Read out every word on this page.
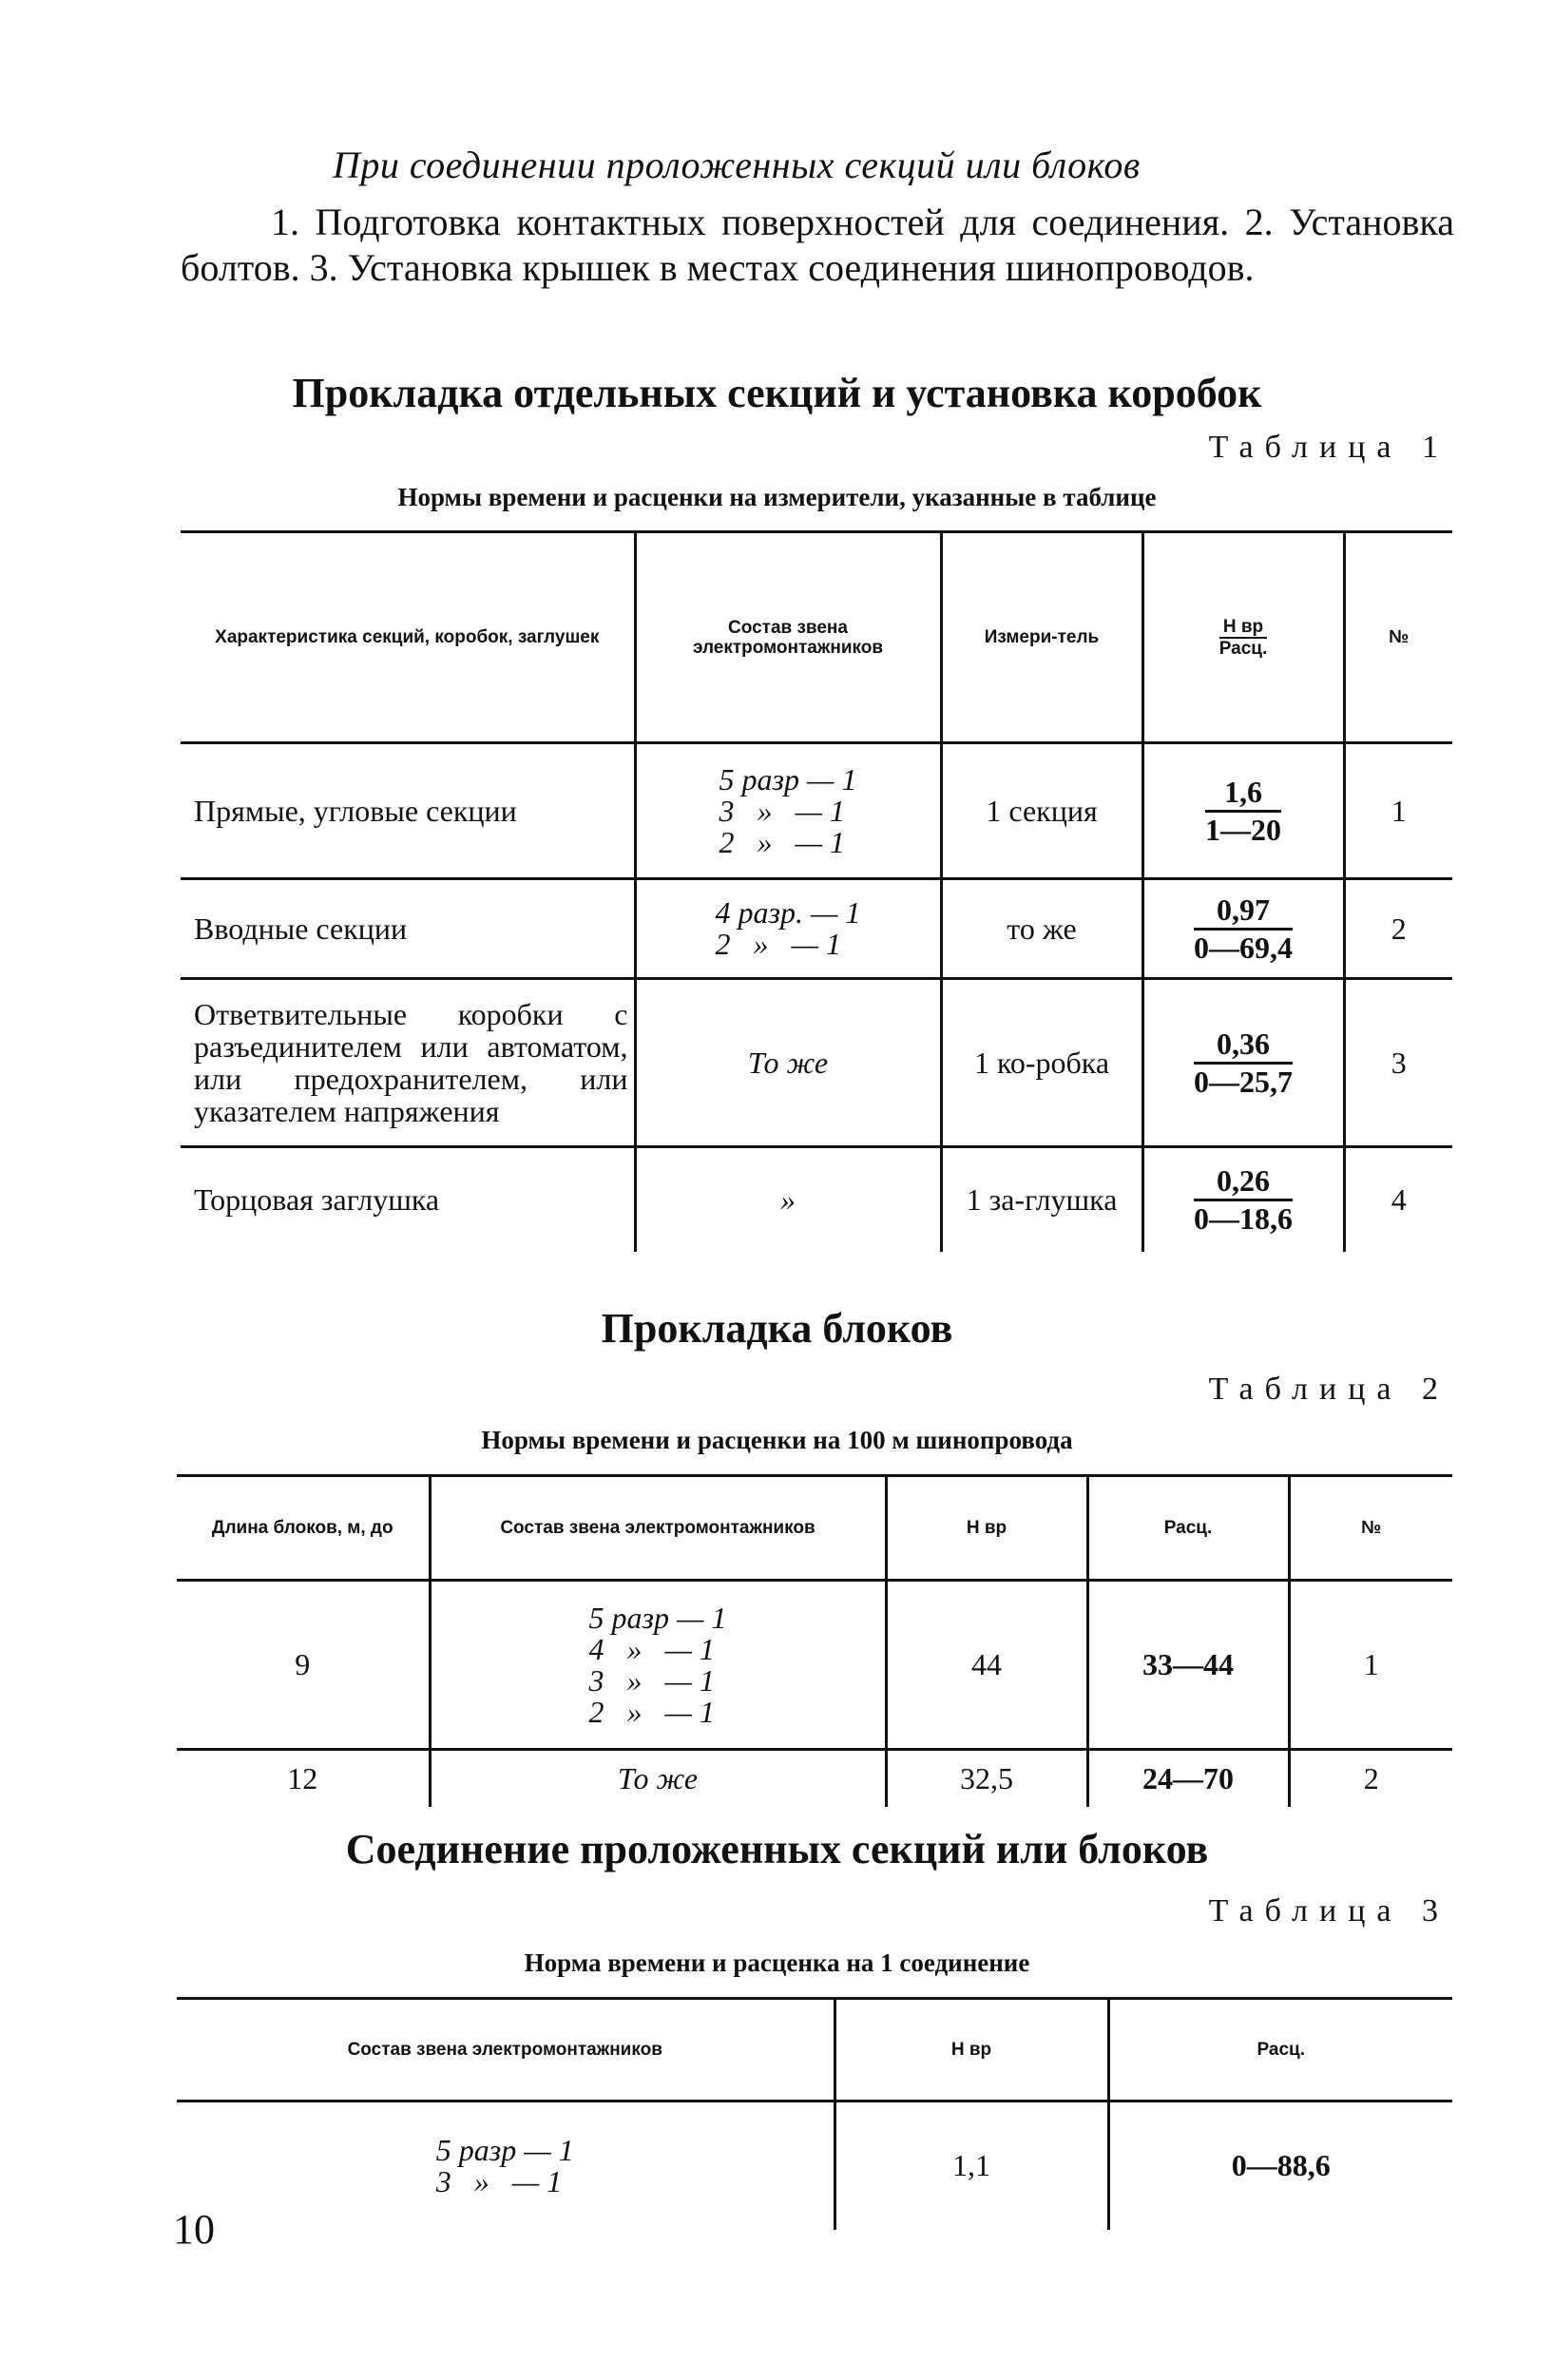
При соединении проложенных секций или блоков
1. Подготовка контактных поверхностей для соединения. 2. Установка болтов. 3. Установка крышек в местах соединения шинопроводов.
Прокладка отдельных секций и установка коробок
Таблица 1
Нормы времени и расценки на измерители, указанные в таблице
Характеристика секций, коробок, заглушек	Состав звена электромонтажников	Измери-тель	$\frac{\text{Н вр}}{\text{Расц.}}$	№
Прямые, угловые секции	5 разр — 1
3   »   — 1
2   »   — 1	1 секция	$\frac{1,6}{1—20}$	1
Вводные секции	4 разр. — 1
2   »   — 1	то же	$\frac{0,97}{0—69,4}$	2
Ответвительные коробки с разъединителем или автоматом, или предохранителем, или указателем напряжения	То же	1 ко-робка	$\frac{0,36}{0—25,7}$	3
Торцовая заглушка	»	1 за-глушка	$\frac{0,26}{0—18,6}$	4
Прокладка блоков
Таблица 2
Нормы времени и расценки на 100 м шинопровода
Длина блоков, м, до	Состав звена электромонтажников	Н вр	Расц.	№
9	5 разр — 1
4   »   — 1
3   »   — 1
2   »   — 1	44	33—44	1
12	То же	32,5	24—70	2
Соединение проложенных секций или блоков
Таблица 3
Норма времени и расценка на 1 соединение
Состав звена электромонтажников	Н вр	Расц.

5 разр — 1
3   »   — 1	1,1	0—88,6
10
